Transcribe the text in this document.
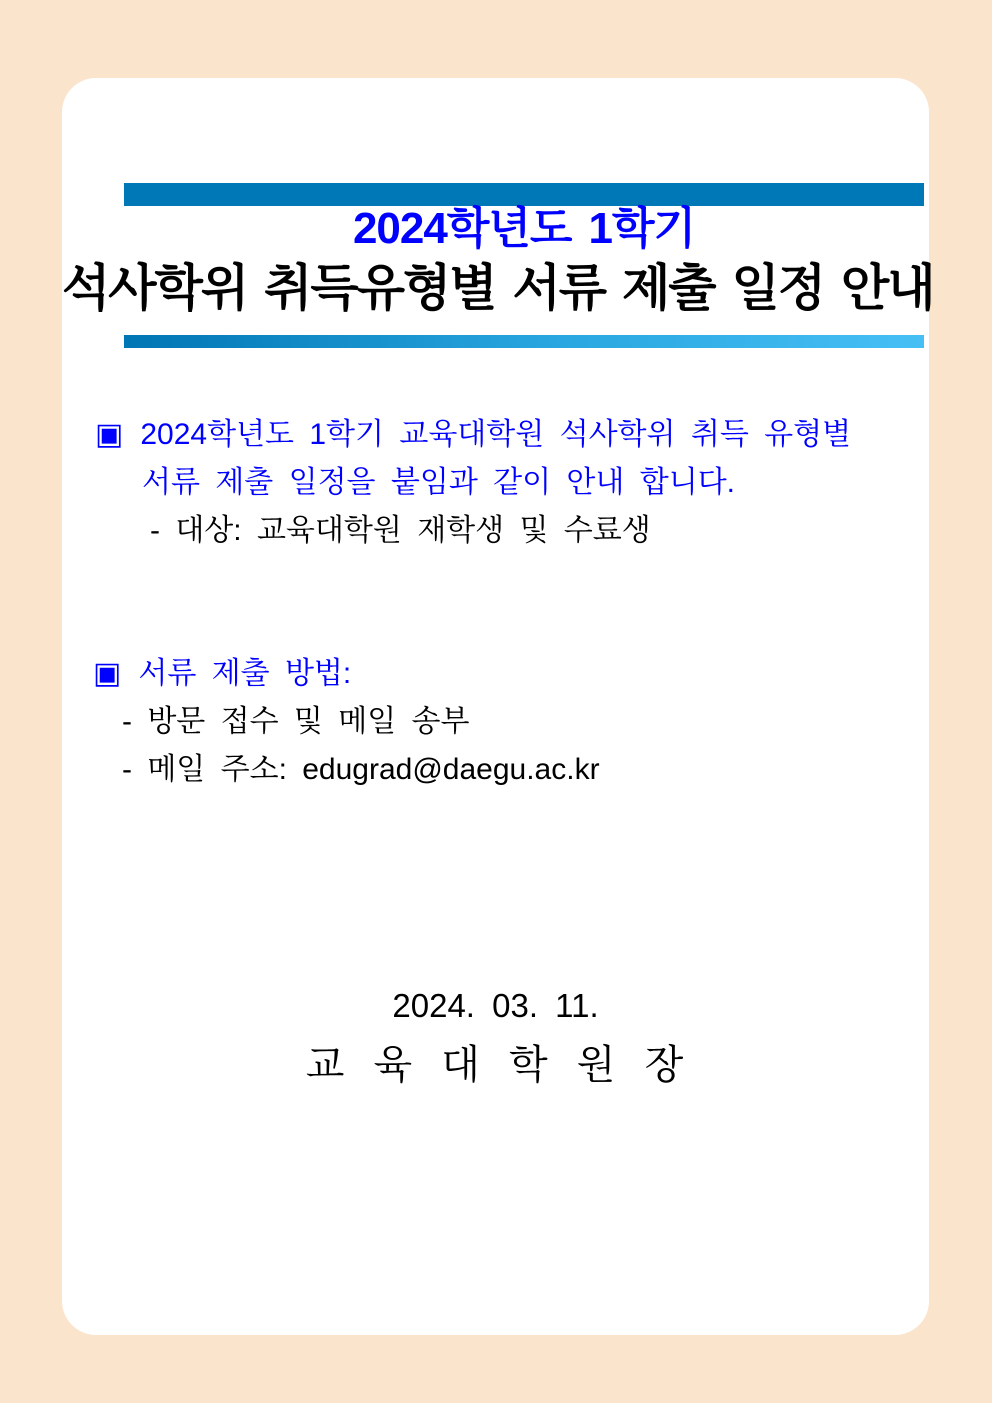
2024학년도 1학기
석사학위 취득유형별 서류 제출 일정 안내
▣ 2024학년도 1학기 교육대학원 석사학위 취득 유형별
서류 제출 일정을 붙임과 같이 안내 합니다.
- 대상: 교육대학원 재학생 및 수료생
▣ 서류 제출 방법:
- 방문 접수 및 메일 송부
- 메일 주소: edugrad@daegu.ac.kr
2024. 03. 11.
교 육 대 학 원 장
